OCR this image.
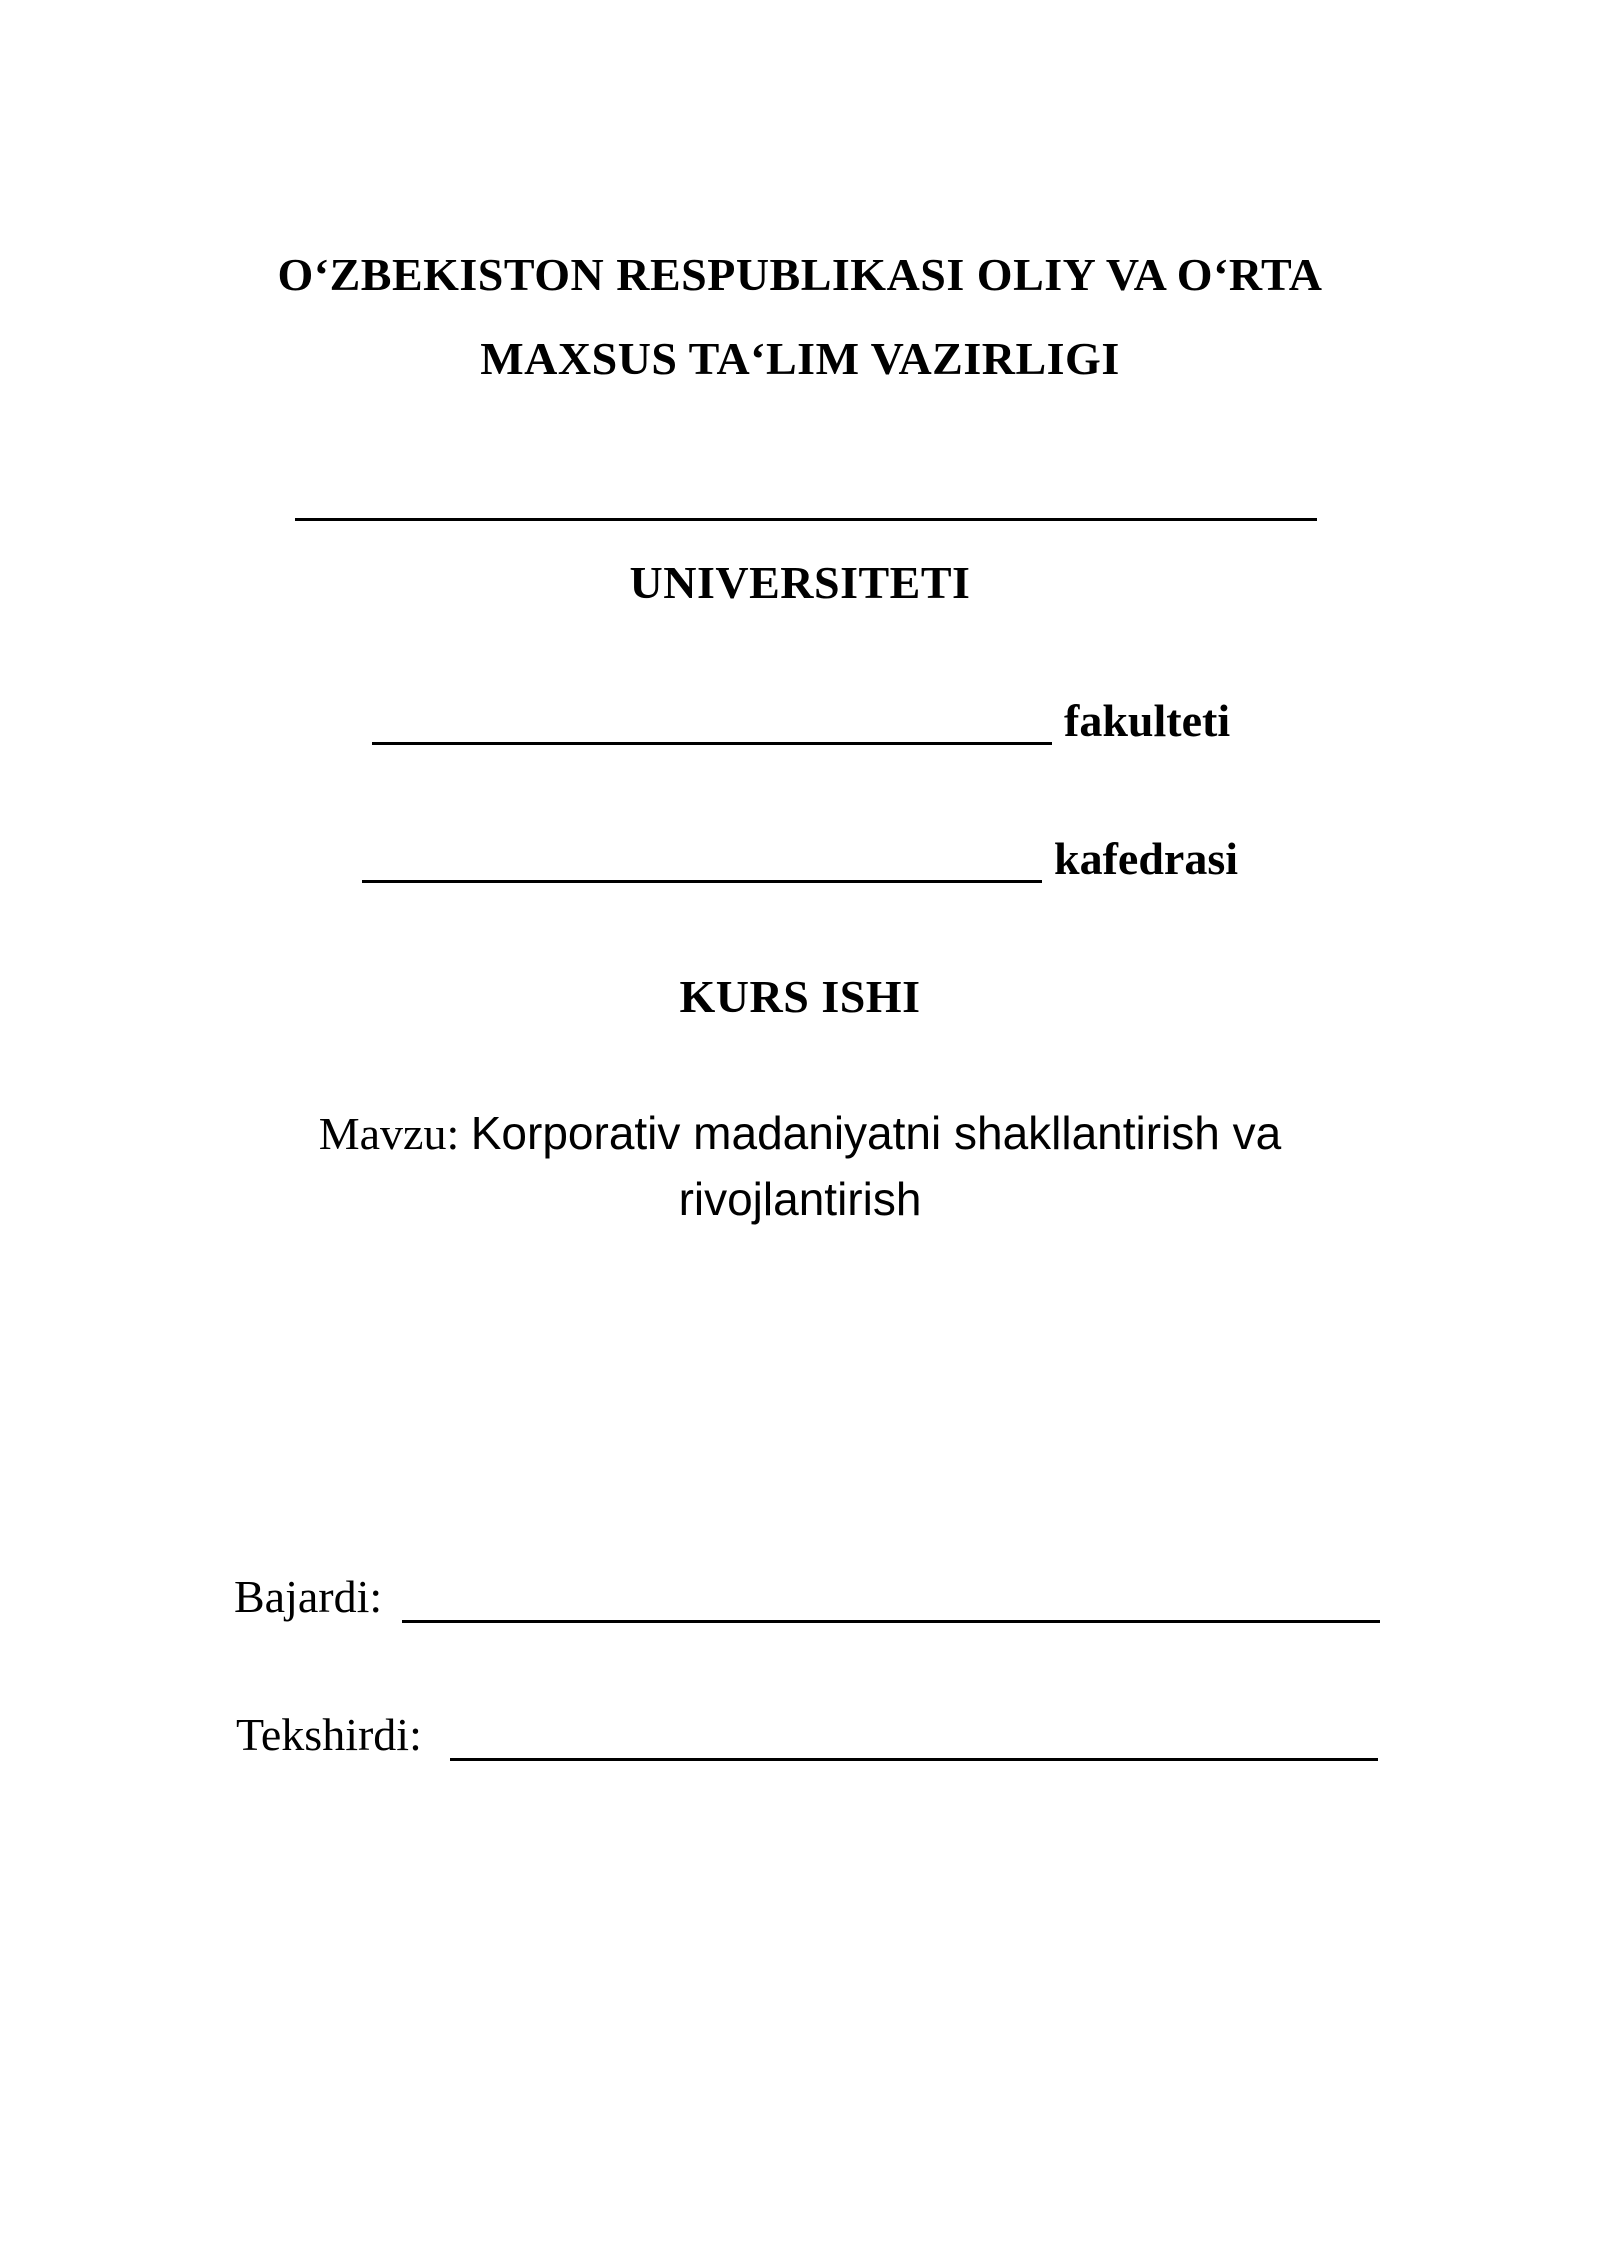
O‘ZBEKISTON RESPUBLIKASI OLIY VA O‘RTA
MAXSUS TA‘LIM VAZIRLIGI
UNIVERSITETI
fakulteti
kafedrasi
KURS ISHI
Mavzu: Korporativ madaniyatni shakllantirish va
rivojlantirish
Bajardi:
Tekshirdi:
